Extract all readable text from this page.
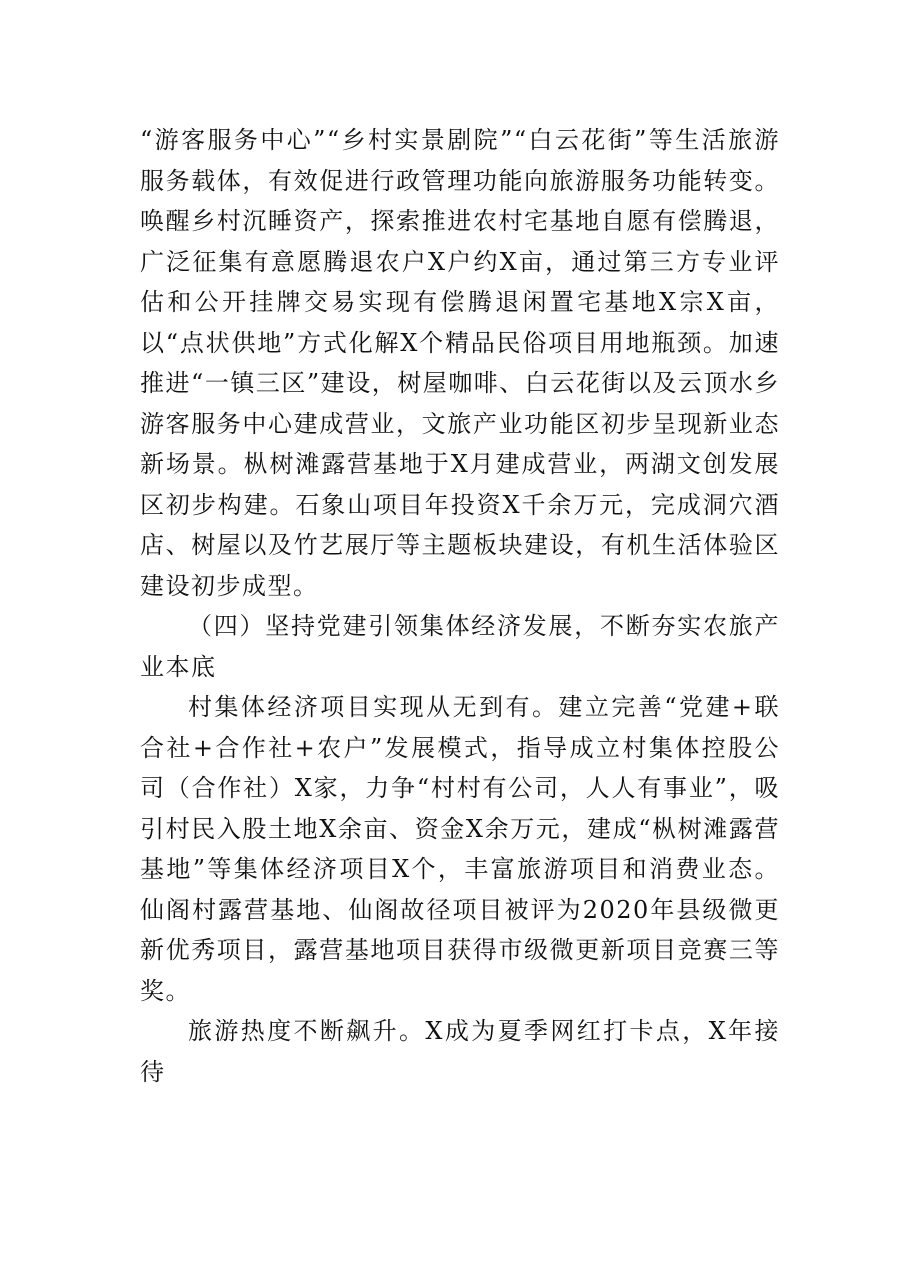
“游客服务中心”“乡村实景剧院”“白云花街”等生活旅游服务载体，有效促进行政管理功能向旅游服务功能转变。唤醒乡村沉睡资产，探索推进农村宅基地自愿有偿腾退，广泛征集有意愿腾退农户X户约X亩，通过第三方专业评估和公开挂牌交易实现有偿腾退闲置宅基地X宗X亩，以“点状供地”方式化解X个精品民俗项目用地瓶颈。加速推进“一镇三区”建设，树屋咖啡、白云花街以及云顶水乡游客服务中心建成营业，文旅产业功能区初步呈现新业态新场景。枞树滩露营基地于X月建成营业，两湖文创发展区初步构建。石象山项目年投资X千余万元，完成洞穴酒店、树屋以及竹艺展厅等主题板块建设，有机生活体验区建设初步成型。

（四）坚持党建引领集体经济发展，不断夯实农旅产业本底

村集体经济项目实现从无到有。建立完善“党建+联合社+合作社+农户”发展模式，指导成立村集体控股公司（合作社）X家，力争“村村有公司，人人有事业”，吸引村民入股土地X余亩、资金X余万元，建成“枞树滩露营基地”等集体经济项目X个，丰富旅游项目和消费业态。仙阁村露营基地、仙阁故径项目被评为2020年县级微更新优秀项目，露营基地项目获得市级微更新项目竞赛三等奖。

旅游热度不断飙升。X成为夏季网红打卡点，X年接待
